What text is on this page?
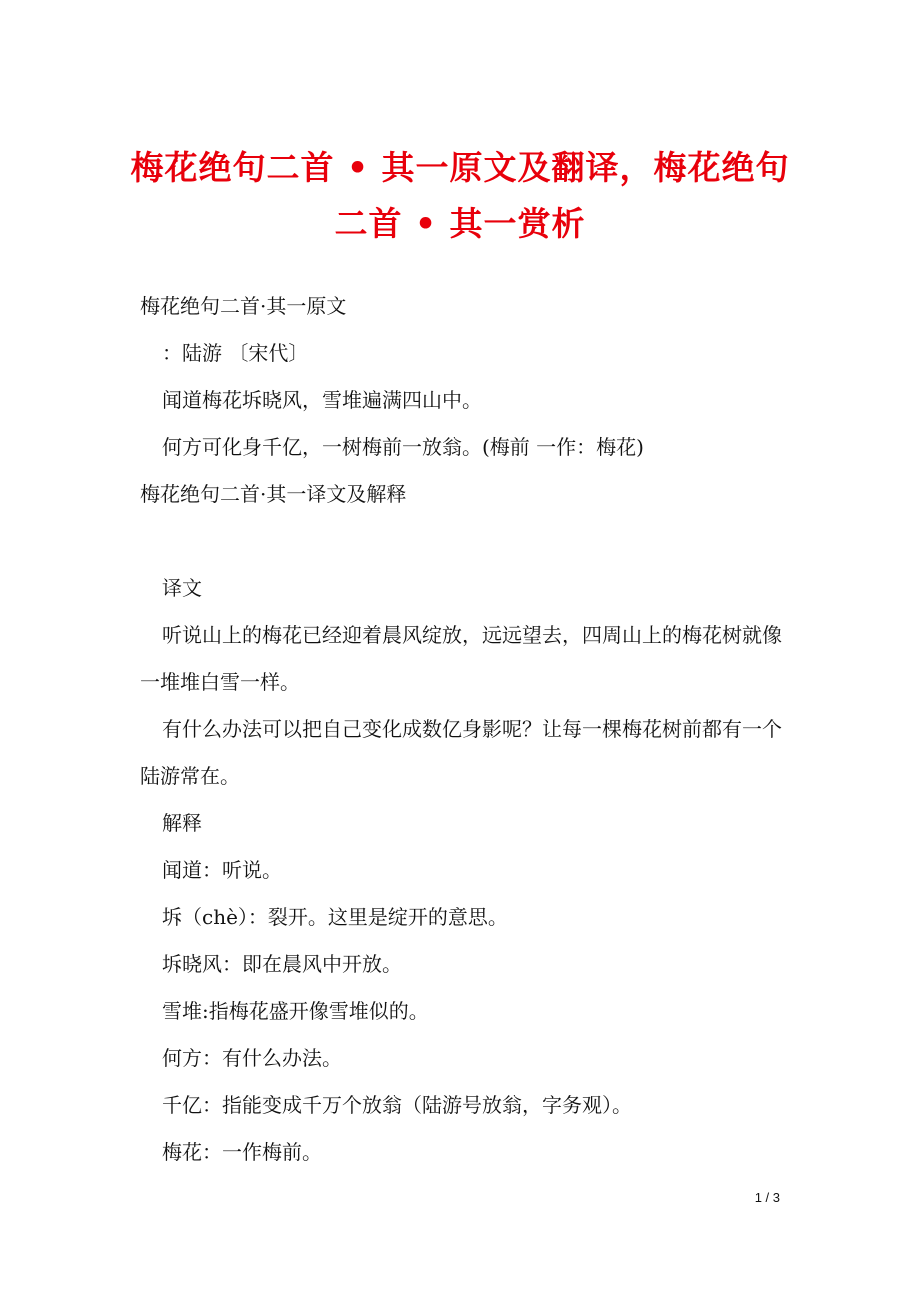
梅花绝句二首 • 其一原文及翻译，梅花绝句
二首 • 其一赏析

梅花绝句二首·其一原文

：陆游 〔宋代〕

闻道梅花坼晓风，雪堆遍满四山中。

何方可化身千亿，一树梅前一放翁。(梅前 一作：梅花)

梅花绝句二首·其一译文及解释

译文

听说山上的梅花已经迎着晨风绽放，远远望去，四周山上的梅花树就像一堆堆白雪一样。

有什么办法可以把自己变化成数亿身影呢？让每一棵梅花树前都有一个陆游常在。

解释

闻道：听说。

坼（chè）：裂开。这里是绽开的意思。

坼晓风：即在晨风中开放。

雪堆:指梅花盛开像雪堆似的。

何方：有什么办法。

千亿：指能变成千万个放翁（陆游号放翁，字务观）。

梅花：一作梅前。

1 / 3
